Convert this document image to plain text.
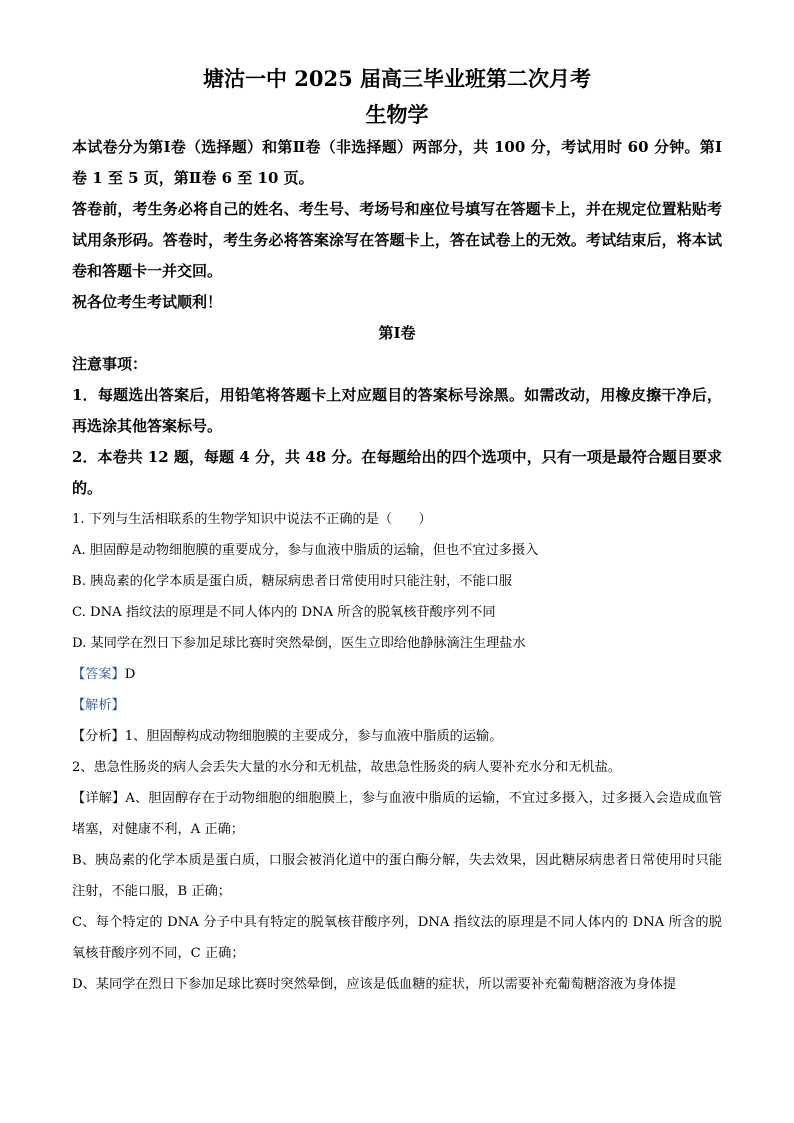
塘沽一中 2025 届高三毕业班第二次月考

生物学

本试卷分为第Ⅰ卷（选择题）和第Ⅱ卷（非选择题）两部分，共 100 分，考试用时 60 分钟。第Ⅰ卷 1 至 5 页，第Ⅱ卷 6 至 10 页。

答卷前，考生务必将自己的姓名、考生号、考场号和座位号填写在答题卡上，并在规定位置粘贴考试用条形码。答卷时，考生务必将答案涂写在答题卡上，答在试卷上的无效。考试结束后，将本试卷和答题卡一并交回。

祝各位考生考试顺利！

第Ⅰ卷

注意事项：

1．每题选出答案后，用铅笔将答题卡上对应题目的答案标号涂黑。如需改动，用橡皮擦干净后，再选涂其他答案标号。

2．本卷共 12 题，每题 4 分，共 48 分。在每题给出的四个选项中，只有一项是最符合题目要求的。

1. 下列与生活相联系的生物学知识中说法不正确的是（　　）

A. 胆固醇是动物细胞膜的重要成分，参与血液中脂质的运输，但也不宜过多摄入

B. 胰岛素的化学本质是蛋白质，糖尿病患者日常使用时只能注射，不能口服

C. DNA 指纹法的原理是不同人体内的 DNA 所含的脱氧核苷酸序列不同

D. 某同学在烈日下参加足球比赛时突然晕倒，医生立即给他静脉滴注生理盐水

【答案】D

【解析】

【分析】1、胆固醇构成动物细胞膜的主要成分，参与血液中脂质的运输。

2、患急性肠炎的病人会丢失大量的水分和无机盐，故患急性肠炎的病人要补充水分和无机盐。

【详解】A、胆固醇存在于动物细胞的细胞膜上，参与血液中脂质的运输，不宜过多摄入，过多摄入会造成血管堵塞，对健康不利，A 正确；

B、胰岛素的化学本质是蛋白质，口服会被消化道中的蛋白酶分解，失去效果，因此糖尿病患者日常使用时只能注射，不能口服，B 正确；

C、每个特定的 DNA 分子中具有特定的脱氧核苷酸序列，DNA 指纹法的原理是不同人体内的 DNA 所含的脱氧核苷酸序列不同，C 正确；

D、某同学在烈日下参加足球比赛时突然晕倒，应该是低血糖的症状，所以需要补充葡萄糖溶液为身体提
